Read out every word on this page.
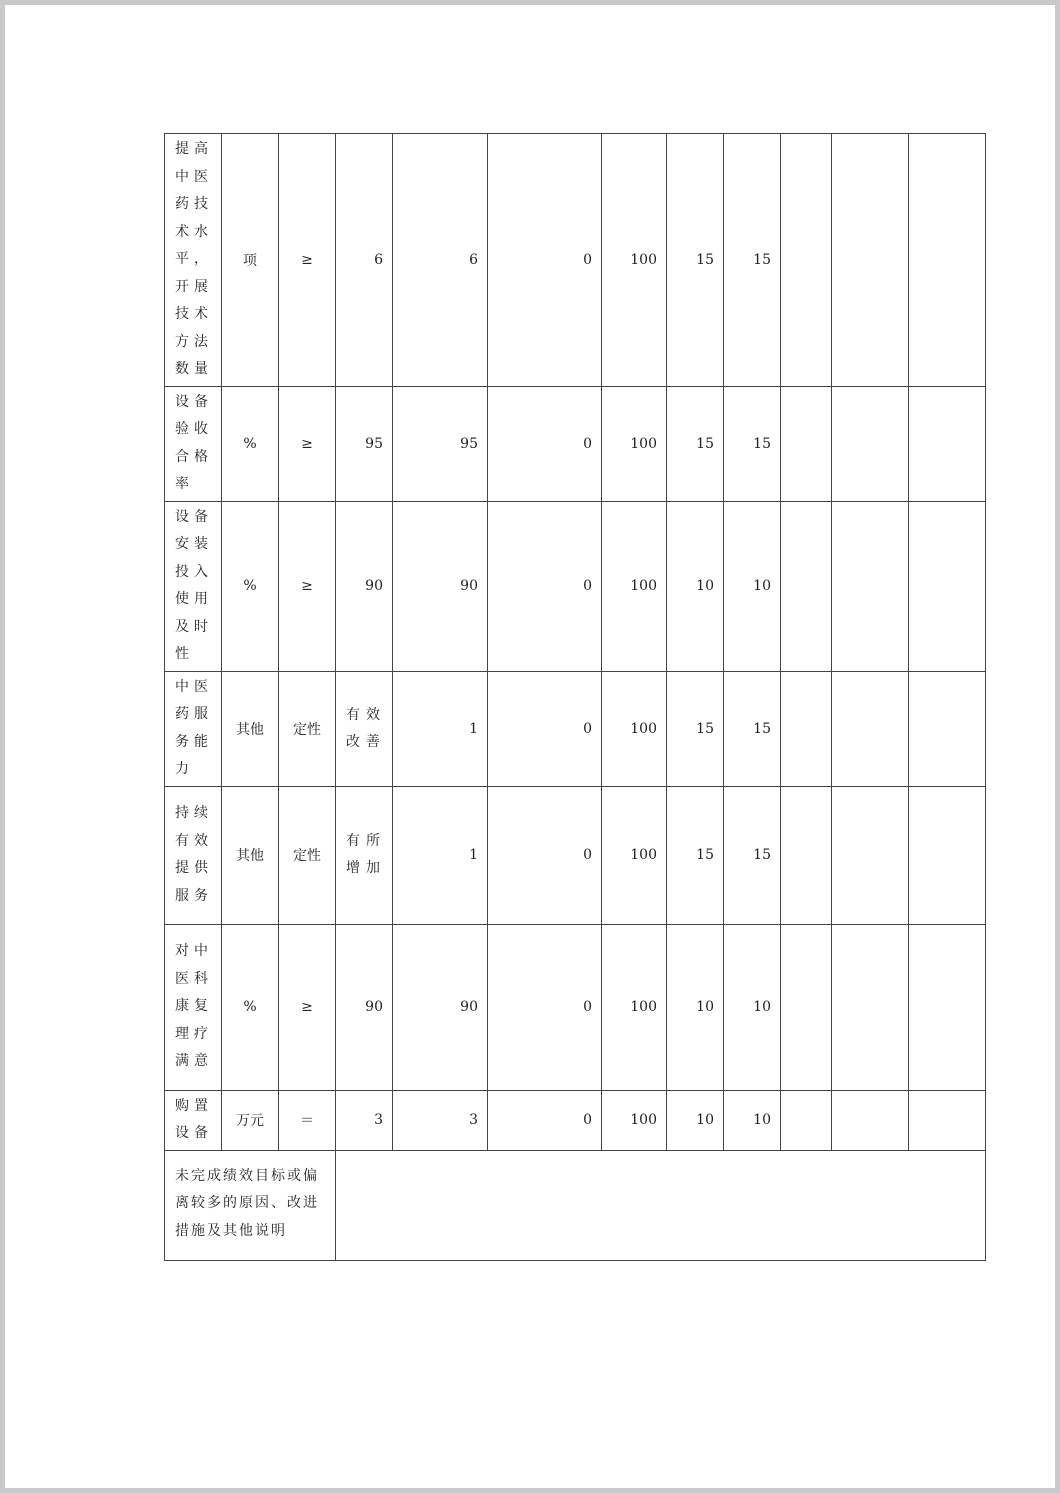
提高中医药技术水平，开展技术方法数量	项	≥	6	6	0	100	15	15			
设备验收合格率	%	≥	95	95	0	100	15	15			
设备安装投入使用及时性	%	≥	90	90	0	100	10	10			
中医药服务能力	其他	定性	有效改善	1	0	100	15	15			
持续有效提供服务	其他	定性	有所增加	1	0	100	15	15			
对中医科康复理疗满意	%	≥	90	90	0	100	10	10			
购置设备	万元	＝	3	3	0	100	10	10			
未完成绩效目标或偏离较多的原因、改进措施及其他说明											
